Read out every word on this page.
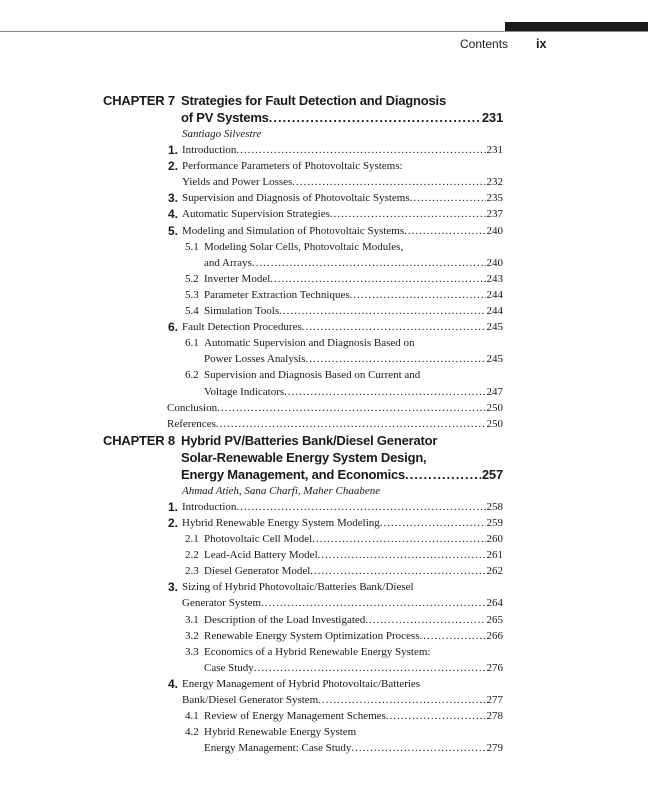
Contents ix
CHAPTER 7 Strategies for Fault Detection and Diagnosis
of PV Systems .....	231
Santiago Silvestre
1. Introduction .....	231
2. Performance Parameters of Photovoltaic Systems:
Yields and Power Losses .....	232
3. Supervision and Diagnosis of Photovoltaic Systems .....	235
4. Automatic Supervision Strategies .....	237
5. Modeling and Simulation of Photovoltaic Systems .....	240
5.1 Modeling Solar Cells, Photovoltaic Modules,
and Arrays .....	240
5.2 Inverter Model .....	243
5.3 Parameter Extraction Techniques .....	244
5.4 Simulation Tools .....	244
6. Fault Detection Procedures .....	245
6.1 Automatic Supervision and Diagnosis Based on
Power Losses Analysis .....	245
6.2 Supervision and Diagnosis Based on Current and
Voltage Indicators .....	247
Conclusion .....	250
References .....	250
CHAPTER 8 Hybrid PV/Batteries Bank/Diesel Generator
Solar-Renewable Energy System Design,
Energy Management, and Economics .....	257
Ahmad Atieh, Sana Charfi, Maher Chaabene
1. Introduction .....	258
2. Hybrid Renewable Energy System Modeling .....	259
2.1 Photovoltaic Cell Model .....	260
2.2 Lead-Acid Battery Model .....	261
2.3 Diesel Generator Model .....	262
3. Sizing of Hybrid Photovoltaic/Batteries Bank/Diesel
Generator System .....	264
3.1 Description of the Load Investigated .....	265
3.2 Renewable Energy System Optimization Process .....	266
3.3 Economics of a Hybrid Renewable Energy System:
Case Study .....	276
4. Energy Management of Hybrid Photovoltaic/Batteries
Bank/Diesel Generator System .....	277
4.1 Review of Energy Management Schemes .....	278
4.2 Hybrid Renewable Energy System
Energy Management: Case Study .....	279
